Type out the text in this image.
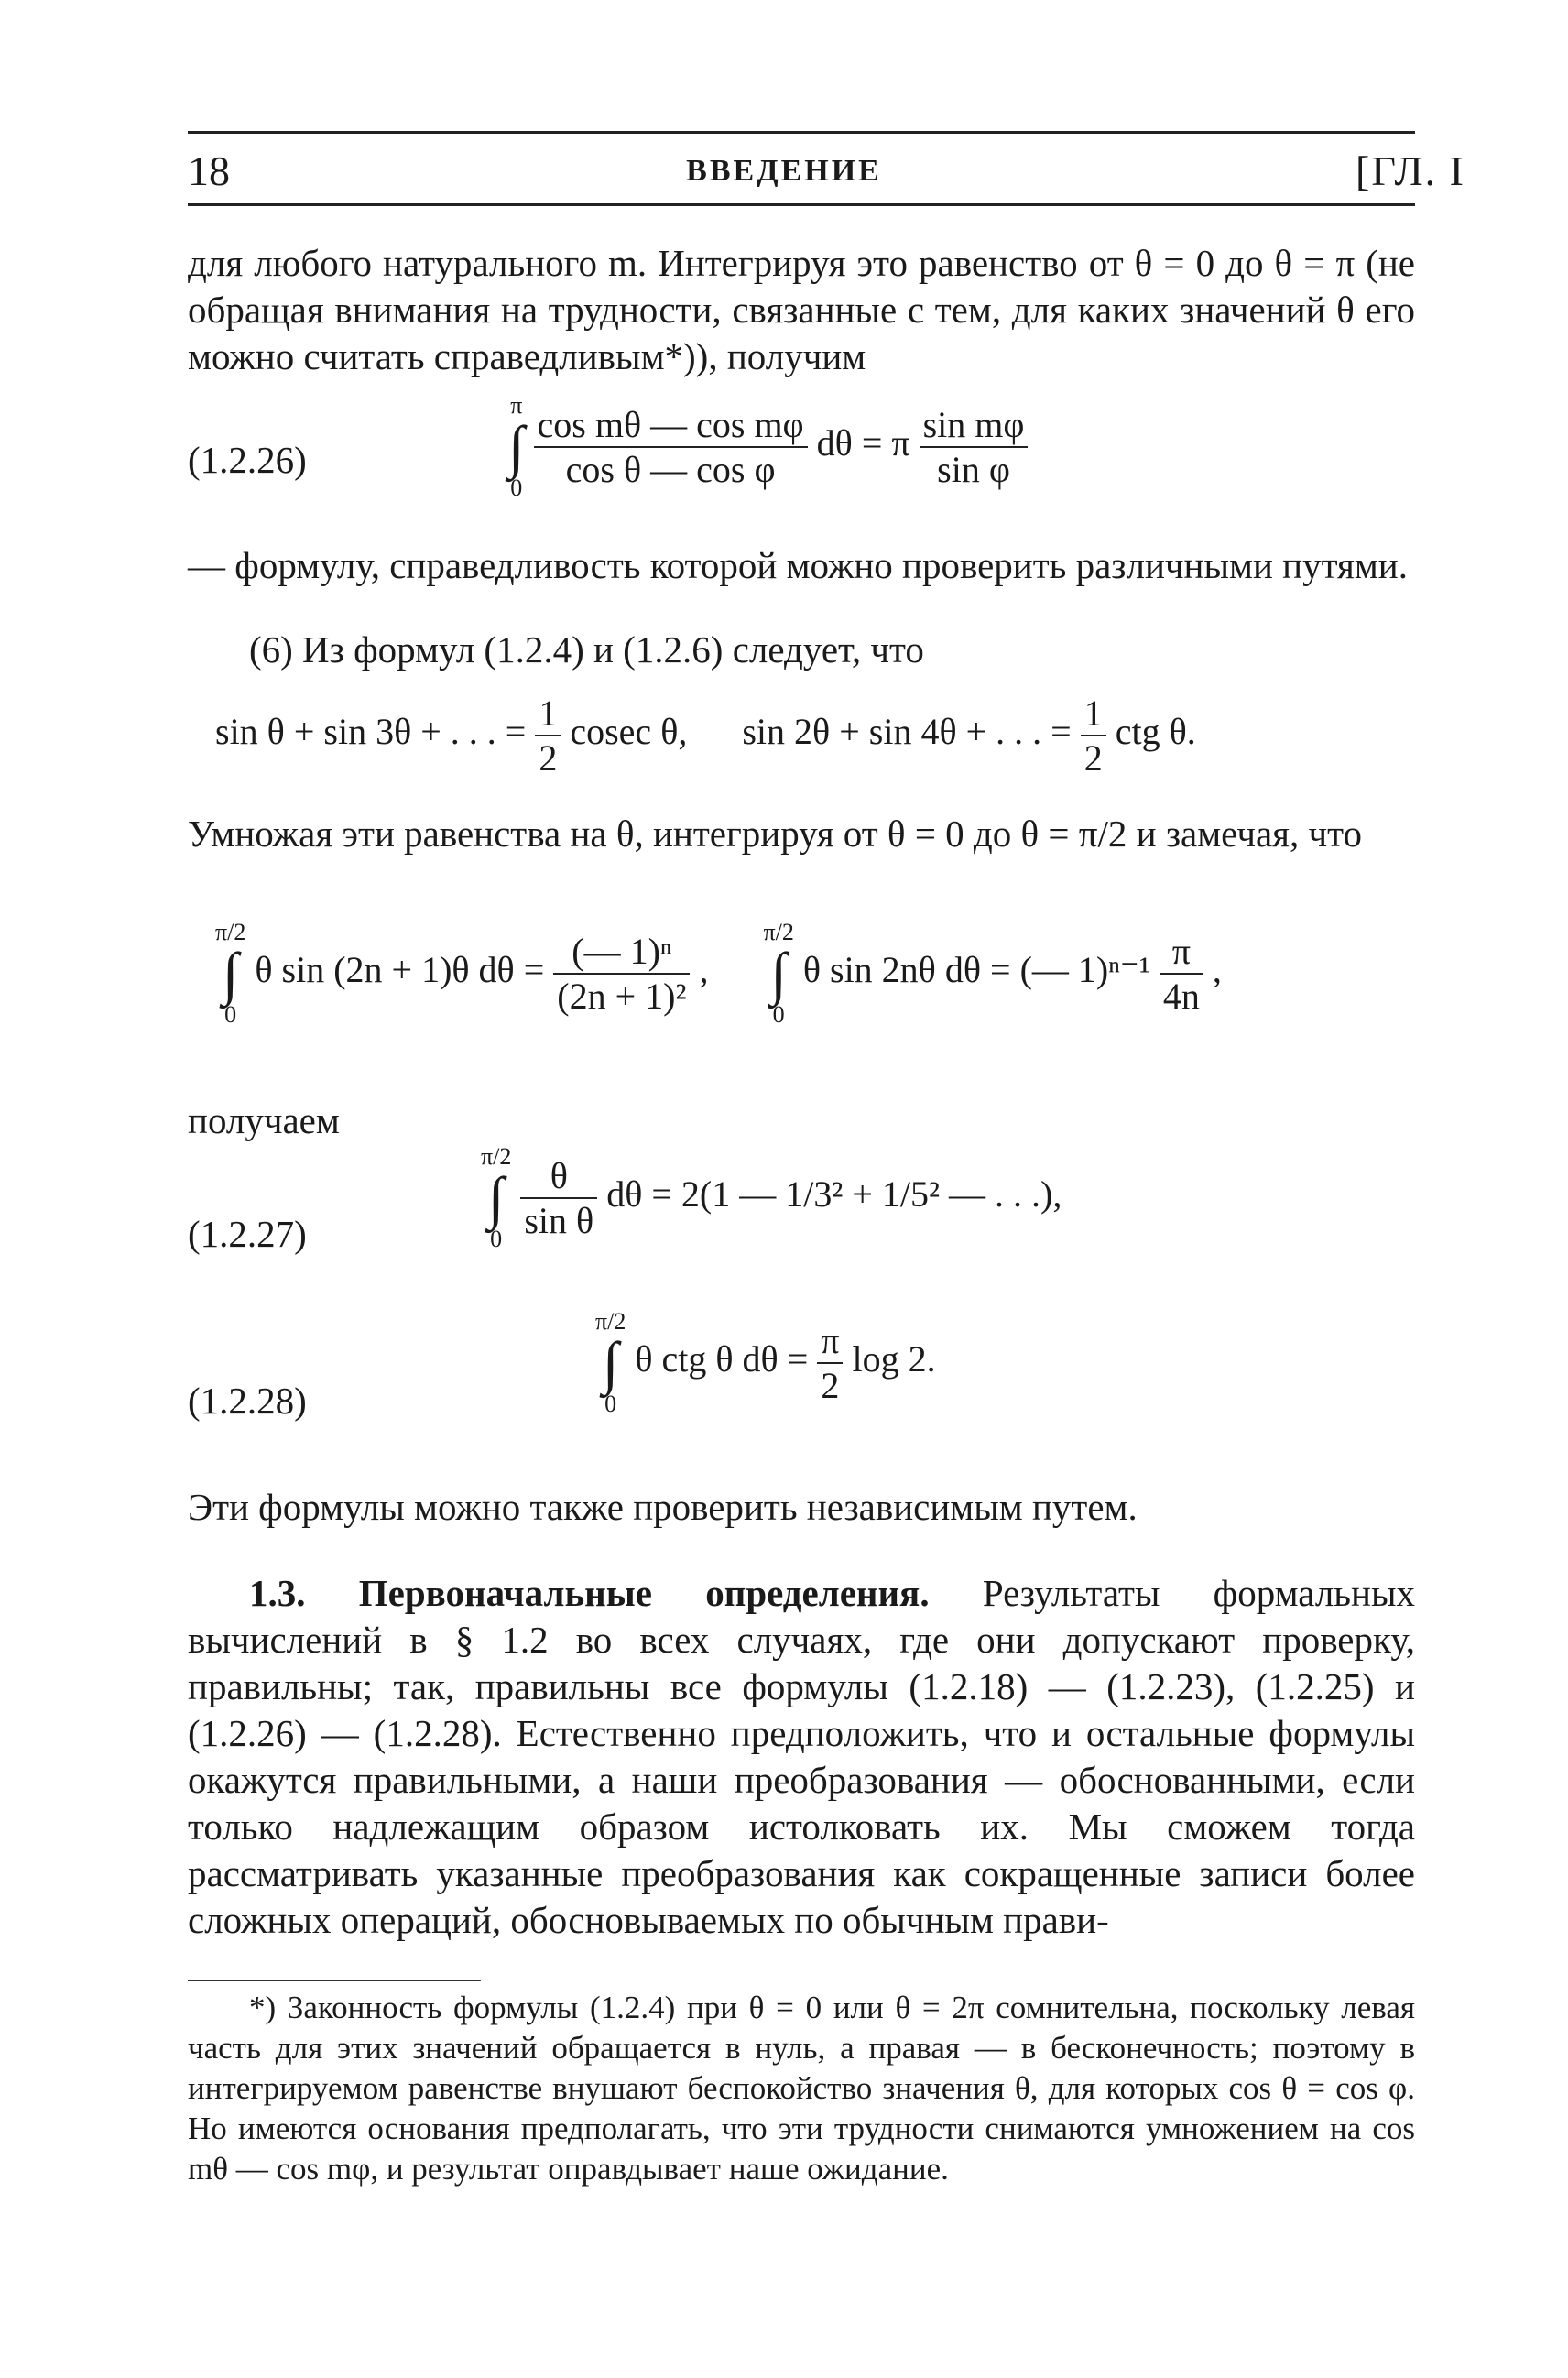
18	ВВЕДЕНИЕ	[ГЛ. I
для любого натурального m. Интегрируя это равенство от θ = 0 до θ = π (не обращая внимания на трудности, связанные с тем, для каких значений θ его можно считать справедливым*)), получим
(1.2.26)
π
∫
0
$\frac{\text{cos mθ — cos mφ}}{\text{cos θ — cos φ}}$ dθ = π $\frac{\text{sin mφ}}{\text{sin φ}}$
— формулу, справедливость которой можно проверить различными путями.
(6) Из формул (1.2.4) и (1.2.6) следует, что
sin θ + sin 3θ + . . . = $\frac{1}{2}$ cosec θ, sin 2θ + sin 4θ + . . . = $\frac{1}{2}$ ctg θ.
Умножая эти равенства на θ, интегрируя от θ = 0 до θ = π/2 и замечая, что
π/2
∫
0
θ sin (2n + 1)θ $d\theta = \frac{\text{(— 1)ⁿ}}{\text{(2n + 1)²}}$ ,
π/2
∫
0
θ sin 2nθ dθ = (— $1)^{n-1} \frac{\pi}{4n}$ ,
получаем
(1.2.27)
π/2
∫
0
$\frac{\theta}{\text{sin θ}}$ dθ = 2(1 — 1/3² + 1/5² — . . .),
(1.2.28)
π/2
∫
0
θ ctg θ $d\theta = \frac{\pi}{2}$ log 2.
Эти формулы можно также проверить независимым путем.
1.3. Первоначальные определения. Результаты формальных вычислений в § 1.2 во всех случаях, где они допускают проверку, правильны; так, правильны все формулы (1.2.18) — (1.2.23), (1.2.25) и (1.2.26) — (1.2.28). Естественно предположить, что и остальные формулы окажутся правильными, а наши преобразования — обоснованными, если только надлежащим образом истолковать их. Мы сможем тогда рассматривать указанные преобразования как сокращенные записи более сложных операций, обосновываемых по обычным прави-
*) Законность формулы (1.2.4) при θ = 0 или θ = 2π сомнительна, поскольку левая часть для этих значений обращается в нуль, а правая — в бесконечность; поэтому в интегрируемом равенстве внушают беспокойство значения θ, для которых cos θ = cos φ. Но имеются основания предполагать, что эти трудности снимаются умножением на cos mθ — cos mφ, и результат оправдывает наше ожидание.
